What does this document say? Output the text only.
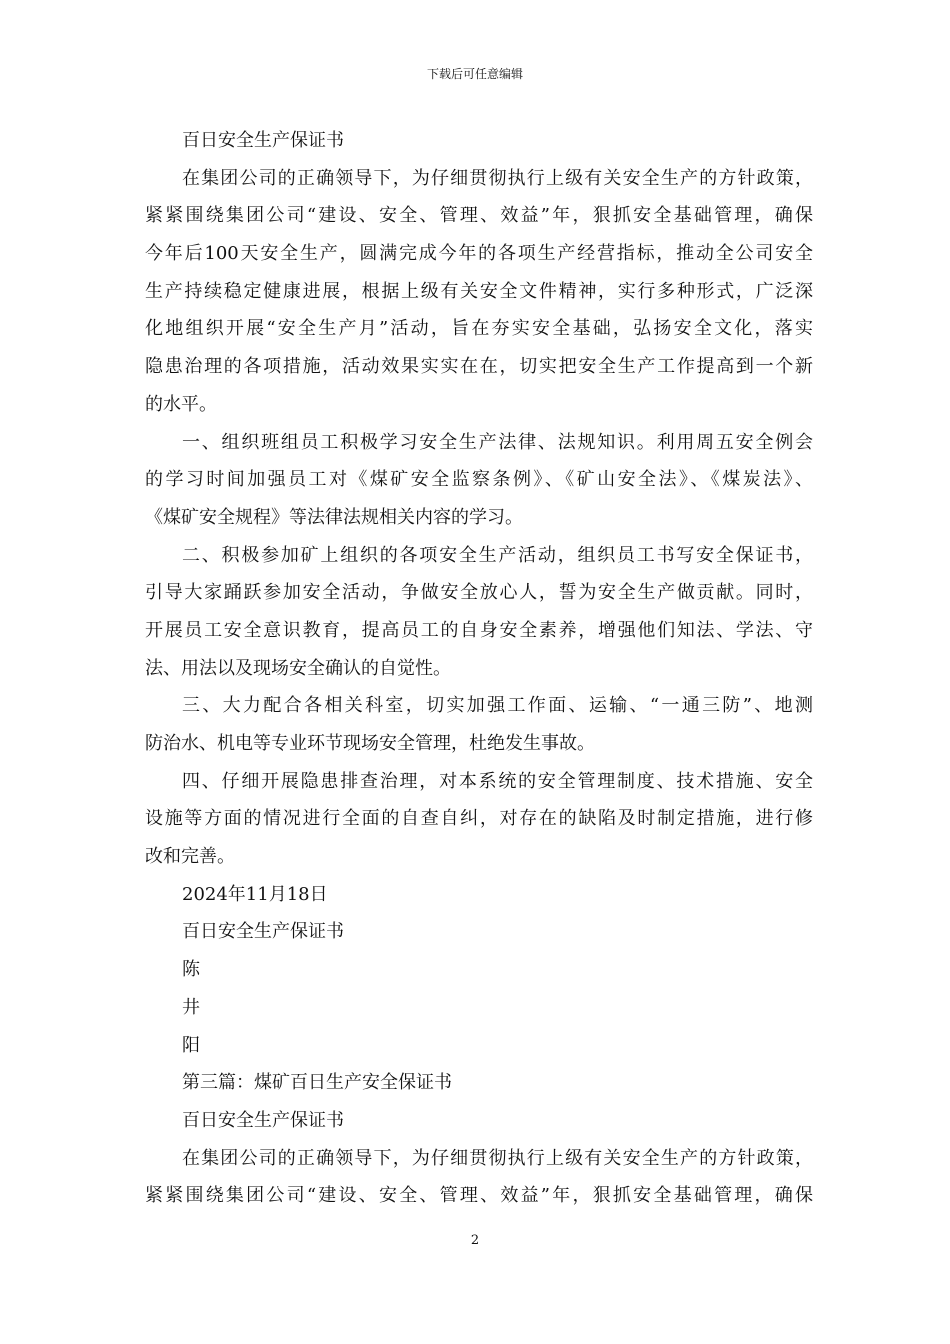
下载后可任意编辑
百日安全生产保证书
在集团公司的正确领导下，为仔细贯彻执行上级有关安全生产的方针政策，
紧紧围绕集团公司“建设、安全、管理、效益”年，狠抓安全基础管理，确保
今年后100天安全生产，圆满完成今年的各项生产经营指标，推动全公司安全
生产持续稳定健康进展，根据上级有关安全文件精神，实行多种形式，广泛深
化地组织开展“安全生产月”活动，旨在夯实安全基础，弘扬安全文化，落实
隐患治理的各项措施，活动效果实实在在，切实把安全生产工作提高到一个新
的水平。
一、组织班组员工积极学习安全生产法律、法规知识。利用周五安全例会
的学习时间加强员工对《煤矿安全监察条例》、《矿山安全法》、《煤炭法》、
《煤矿安全规程》等法律法规相关内容的学习。
二、积极参加矿上组织的各项安全生产活动，组织员工书写安全保证书，
引导大家踊跃参加安全活动，争做安全放心人，誓为安全生产做贡献。同时，
开展员工安全意识教育，提高员工的自身安全素养，增强他们知法、学法、守
法、用法以及现场安全确认的自觉性。
三、大力配合各相关科室，切实加强工作面、运输、“一通三防”、地测
防治水、机电等专业环节现场安全管理，杜绝发生事故。
四、仔细开展隐患排查治理，对本系统的安全管理制度、技术措施、安全
设施等方面的情况进行全面的自查自纠，对存在的缺陷及时制定措施，进行修
改和完善。
2024年11月18日
百日安全生产保证书
陈
井
阳
第三篇：煤矿百日生产安全保证书
百日安全生产保证书
在集团公司的正确领导下，为仔细贯彻执行上级有关安全生产的方针政策，
紧紧围绕集团公司“建设、安全、管理、效益”年，狠抓安全基础管理，确保
2
